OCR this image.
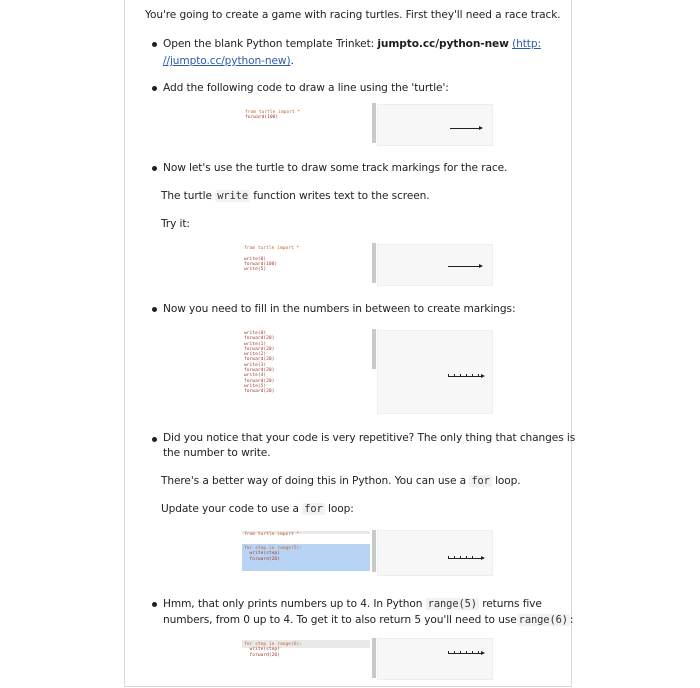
You're going to create a game with racing turtles. First they'll need a race track.
Open the blank Python template Trinket: jumpto.cc/python-new (http:
//jumpto.cc/python-new).
Add the following code to draw a line using the 'turtle':
from turtle import *
forward(100)
Now let's use the turtle to draw some track markings for the race.
The turtle write function writes text to the screen.
Try it:
from turtle import *

write(0)
forward(100)
write(5)
Now you need to fill in the numbers in between to create markings:
write(0)
forward(20)
write(1)
forward(20)
write(2)
forward(20)
write(3)
forward(20)
write(4)
forward(20)
write(5)
forward(20)
Did you notice that your code is very repetitive? The only thing that changes is
the number to write.
There's a better way of doing this in Python. You can use a for loop.
Update your code to use a for loop:
from turtle import *
for step in range(5):
write(step)
forward(20)
Hmm, that only prints numbers up to 4. In Python range(5) returns five
numbers, from 0 up to 4. To get it to also return 5 you'll need to use range(6) :
for step in range(6):
write(step)
forward(20)
